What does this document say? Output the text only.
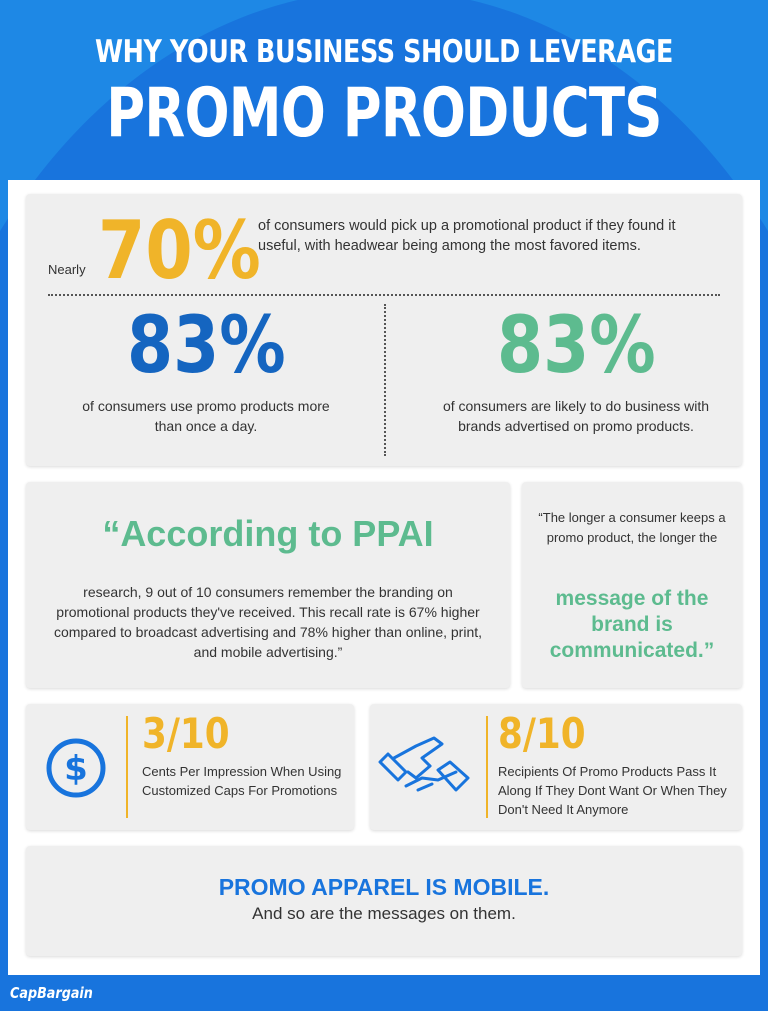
WHY YOUR BUSINESS SHOULD LEVERAGE
PROMO PRODUCTS
Nearly 70%
of consumers would pick up a promotional product if they found it useful, with headwear being among the most favored items.
83%
of consumers use promo products more than once a day.
83%
of consumers are likely to do business with brands advertised on promo products.
“According to PPAI
research, 9 out of 10 consumers remember the branding on promotional products they've received. This recall rate is 67% higher compared to broadcast advertising and 78% higher than online, print, and mobile advertising.”
“The longer a consumer keeps a promo product, the longer the
message of the brand is communicated.”
$
3/10
Cents Per Impression When Using Customized Caps For Promotions
8/10
Recipients Of Promo Products Pass It Along If They Dont Want Or When They Don't Need It Anymore
PROMO APPAREL IS MOBILE.
And so are the messages on them.
CapBargain
